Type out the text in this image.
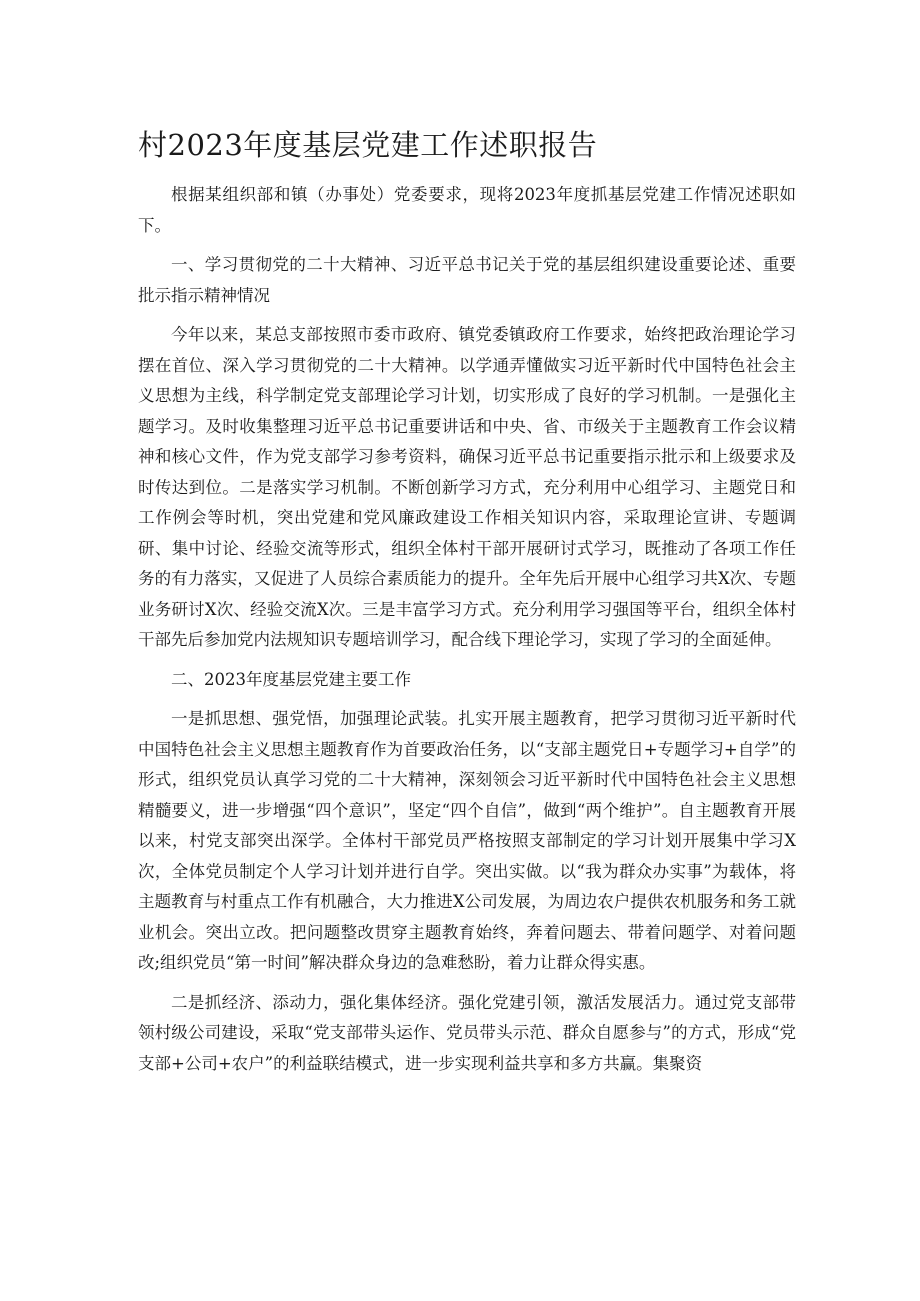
村2023年度基层党建工作述职报告

根据某组织部和镇（办事处）党委要求，现将2023年度抓基层党建工作情况述职如下。

一、学习贯彻党的二十大精神、习近平总书记关于党的基层组织建设重要论述、重要批示指示精神情况

今年以来，某总支部按照市委市政府、镇党委镇政府工作要求，始终把政治理论学习摆在首位、深入学习贯彻党的二十大精神。以学通弄懂做实习近平新时代中国特色社会主义思想为主线，科学制定党支部理论学习计划，切实形成了良好的学习机制。一是强化主题学习。及时收集整理习近平总书记重要讲话和中央、省、市级关于主题教育工作会议精神和核心文件，作为党支部学习参考资料，确保习近平总书记重要指示批示和上级要求及时传达到位。二是落实学习机制。不断创新学习方式，充分利用中心组学习、主题党日和工作例会等时机，突出党建和党风廉政建设工作相关知识内容，采取理论宣讲、专题调研、集中讨论、经验交流等形式，组织全体村干部开展研讨式学习，既推动了各项工作任务的有力落实，又促进了人员综合素质能力的提升。全年先后开展中心组学习共X次、专题业务研讨X次、经验交流X次。三是丰富学习方式。充分利用学习强国等平台，组织全体村干部先后参加党内法规知识专题培训学习，配合线下理论学习，实现了学习的全面延伸。

二、2023年度基层党建主要工作

一是抓思想、强党悟，加强理论武装。扎实开展主题教育，把学习贯彻习近平新时代中国特色社会主义思想主题教育作为首要政治任务，以“支部主题党日+专题学习+自学”的形式，组织党员认真学习党的二十大精神，深刻领会习近平新时代中国特色社会主义思想精髓要义，进一步增强“四个意识”，坚定“四个自信”，做到“两个维护”。自主题教育开展以来，村党支部突出深学。全体村干部党员严格按照支部制定的学习计划开展集中学习X次，全体党员制定个人学习计划并进行自学。突出实做。以“我为群众办实事”为载体，将主题教育与村重点工作有机融合，大力推进X公司发展，为周边农户提供农机服务和务工就业机会。突出立改。把问题整改贯穿主题教育始终，奔着问题去、带着问题学、对着问题改;组织党员“第一时间”解决群众身边的急难愁盼，着力让群众得实惠。

二是抓经济、添动力，强化集体经济。强化党建引领，激活发展活力。通过党支部带领村级公司建设，采取“党支部带头运作、党员带头示范、群众自愿参与”的方式，形成“党支部+公司+农户”的利益联结模式，进一步实现利益共享和多方共赢。集聚资
